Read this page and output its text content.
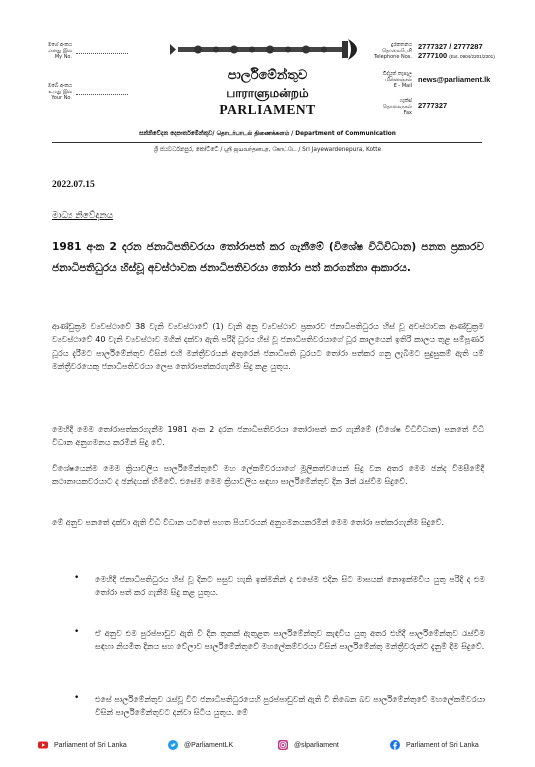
මගේ අංකය
எனது இல
My No.
ඔබේ අංකය
உமது இல
Your No.
පාර්ලිමේන්තුව
பாராளுமன்றம்
PARLIAMENT
දුරකතනය
தொலைபேசி
Telephone Nos.
2777327 / 2777287
2777100 (Ext. 0904/2201/2301)
විද්යුත් තැපැල
மின்னஞ்சல்
E - Mail
news@parliament.lk
ෆැක්ස්
தொலைநகல்
Fax
2777327
සන්නිවේදන දෙපාර්තමේන්තුව/ தொடர்பாடல் திணைக்களம் / Department of Communication
ශ්‍රී ජයවර්ධනපුර, කෝට්ටේ / ஸ்ரீ ஜயவர்தனபுர, கோட்டே / Sri Jayewardenepura, Kotte
2022.07.15
මාධ්‍ය නිවේදනය
1981 අංක 2 දරන ජනාධිපතිවරයා තෝරාපත් කර ගැනීමේ (විශේෂ විධිවිධාන) පනත ප්‍රකාරව ජනාධිපතිධුරය හිස්වූ අවස්ථාවක ජනාධිපතිවරයා තෝරා පත් කරගන්නා ආකාරය.
ආණ්ඩුක්‍රම ව්‍යවස්ථාවේ 38 වැනි ව්‍යවස්ථාවේ (1) වැනි අනු ව්‍යවස්ථාව ප්‍රකාරව ජනාධිපතිධුරය හිස් වූ අවස්ථාවක ආණ්ඩුක්‍රම ව්‍යවස්ථාවේ 40 වැනි ව්‍යවස්ථාව මගින් දක්වා ඇති පරිදි ධූරය හිස් වූ ජනාධිපතිවරයාගේ ධූර කාලයෙන් ඉතිරි කාලය තුළ සම්පූර්ණ ධූරය දැරීමට පාර්ලිමේන්තුව විසින් එහි මන්ත්‍රීවරයන් අතුරෙන් ජනාධිපති ධූරයට තෝරා පත්කර ගනු ලැබීමට සුදුසුකම් ඇති යම් මන්ත්‍රීවරයෙකු ජනාධිපතිවරයා ලෙස තෝරාපත්කරගැනීම සිදු කළ යුතුය.
මෙහිදී මෙම තෝරාපත්කරගැනීම 1981 අංක 2 දරන ජනාධිපතිවරයා තෝරාපත් කර ගැනීමේ (විශේෂ විධිවිධාන) පනතේ විධි විධාන අනුගමනය කරමින් සිදු වේ.
විශේෂයෙන්ම මෙම ක්‍රියාවලිය පාර්ලිමේන්තුවේ මහ ලේකම්වරයාගේ මූලිකත්වයෙන් සිදු වන අතර මෙම ඡන්ද විමසීමේදී කථානායකවරයාට ද ඡන්දයක් හිමිවේ. එසේම මෙම ක්‍රියාවලිය සඳහා පාර්ලිමේන්තුව දින 3ක් රැස්වීම සිදුවේ.
මේ අනුව පනතේ දක්වා ඇති විධි විධාන යටතේ පහත පියවරයන් අනුගමනයකරමින් මෙම තෝරා පත්කරගැනීම සිදුවේ.
• මෙහිදී ජනාධිපතිධුරය හිස් වූ දිනට පසුව හැකි ඉක්මනින් ද එසේම එදින සිට මාසයක් නොඉක්මවිය යුතු පරිදි ද එම තෝරා පත් කර ගැනීම සිදු කළ යුතුය.
• ඒ අනුව එම පුරප්පාඩුව ඇති වී දින තුනක් ඇතුළත පාර්ලිමේන්තුව කැඳවිය යුතු අතර එහිදී පාර්ලිමේන්තුව රැස්වීම සඳහා නියමිත දිනය සහ වේලාව පාර්ලිමේන්තුවේ මහලේකම්වරයා විසින් පාර්ලිමේන්තු මන්ත්‍රීවරුන්ට දැනුම් දිම සිදුවේ.
• එසේ පාර්ලිමේන්තුව රැස්වූ විට ජනාධිපතිධුරයෙහි පුරප්පාඩුවක් ඇති වී තිබෙන බව පාර්ලිමේන්තුවේ මහලේකම්වරයා විසින් පාර්ලිමේන්තුවට දන්වා සිටිය යුතුය. මේ
Parliament of Sri Lanka	@ParliamentLK	@slparliament	Parliament of Sri Lanka
